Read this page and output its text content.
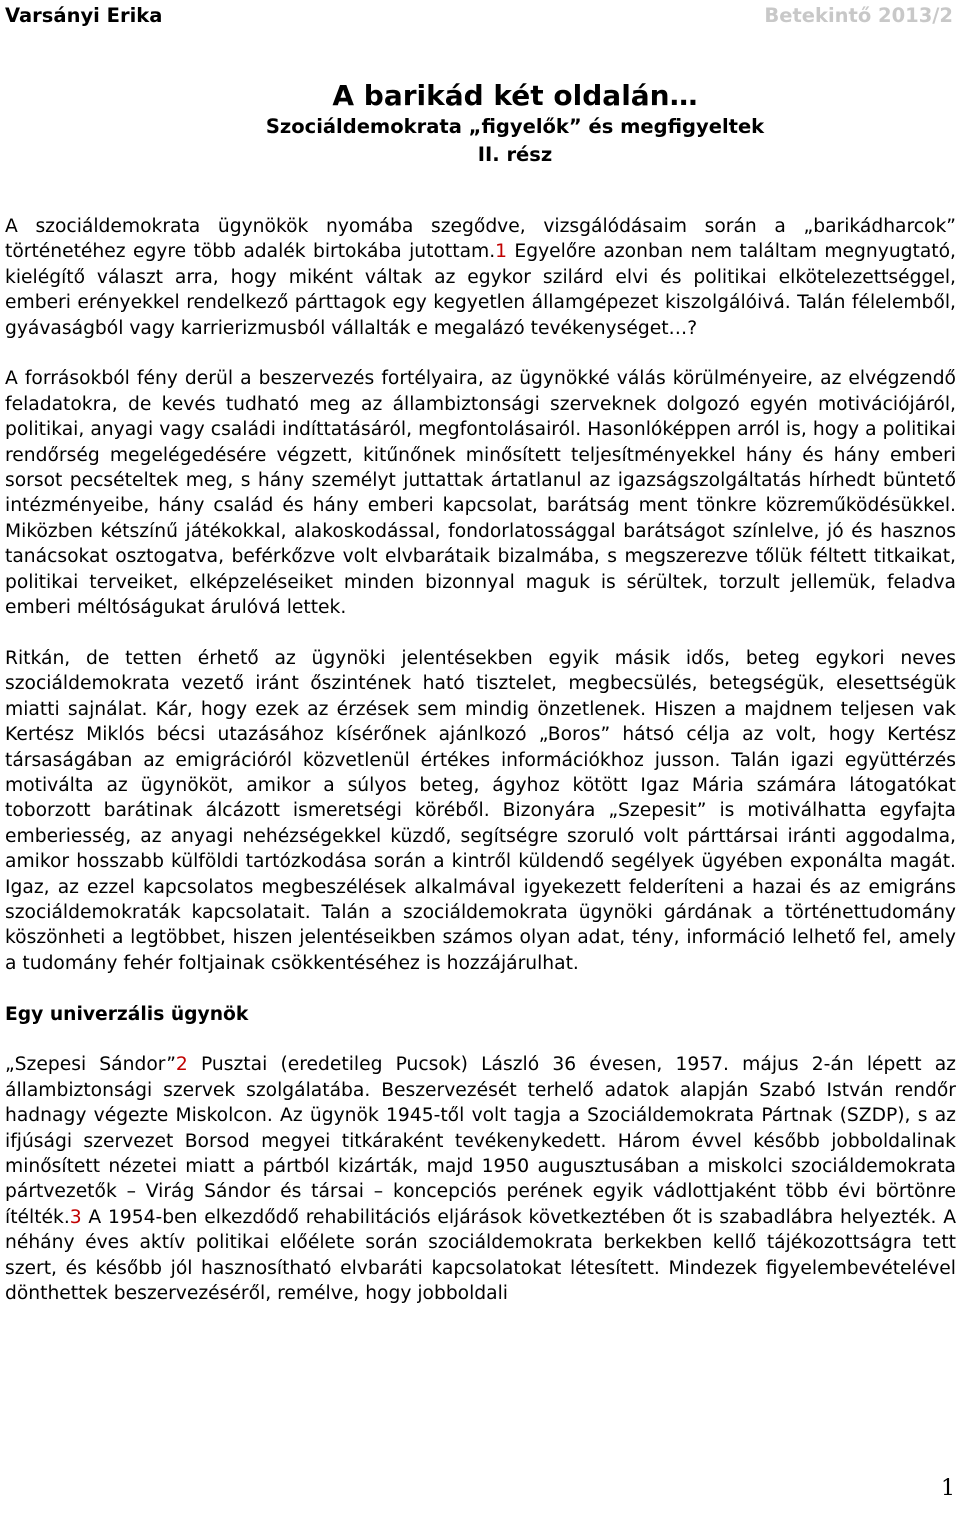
Varsányi Erika	Betekintő 2013/2
A barikád két oldalán…
Szociáldemokrata „figyelők” és megfigyeltek
II. rész

A szociáldemokrata ügynökök nyomába szegődve, vizsgálódásaim során a „barikádharcok” történetéhez egyre több adalék birtokába jutottam.1 Egyelőre azonban nem találtam megnyugtató, kielégítő választ arra, hogy miként váltak az egykor szilárd elvi és politikai elkötelezettséggel, emberi erényekkel rendelkező párttagok egy kegyetlen államgépezet kiszolgálóivá. Talán félelemből, gyávaságból vagy karrierizmusból vállalták e megalázó tevékenységet…?

A forrásokból fény derül a beszervezés fortélyaira, az ügynökké válás körülményeire, az elvégzendő feladatokra, de kevés tudható meg az állambiztonsági szerveknek dolgozó egyén motivációjáról, politikai, anyagi vagy családi indíttatásáról, megfontolásairól. Hasonlóképpen arról is, hogy a politikai rendőrség megelégedésére végzett, kitűnőnek minősített teljesítményekkel hány és hány emberi sorsot pecsételtek meg, s hány személyt juttattak ártatlanul az igazságszolgáltatás hírhedt büntető intézményeibe, hány család és hány emberi kapcsolat, barátság ment tönkre közreműködésükkel. Miközben kétszínű játékokkal, alakoskodással, fondorlatossággal barátságot színlelve, jó és hasznos tanácsokat osztogatva, beférkőzve volt elvbarátaik bizalmába, s megszerezve tőlük féltett titkaikat, politikai terveiket, elképzeléseiket minden bizonnyal maguk is sérültek, torzult jellemük, feladva emberi méltóságukat árulóvá lettek.

Ritkán, de tetten érhető az ügynöki jelentésekben egyik másik idős, beteg egykori neves szociáldemokrata vezető iránt őszintének ható tisztelet, megbecsülés, betegségük, elesettségük miatti sajnálat. Kár, hogy ezek az érzések sem mindig önzetlenek. Hiszen a majdnem teljesen vak Kertész Miklós bécsi utazásához kísérőnek ajánlkozó „Boros” hátsó célja az volt, hogy Kertész társaságában az emigrációról közvetlenül értékes információkhoz jusson. Talán igazi együttérzés motiválta az ügynököt, amikor a súlyos beteg, ágyhoz kötött Igaz Mária számára látogatókat toborzott barátinak álcázott ismeretségi köréből. Bizonyára „Szepesit” is motiválhatta egyfajta emberiesség, az anyagi nehézségekkel küzdő, segítségre szoruló volt párttársai iránti aggodalma, amikor hosszabb külföldi tartózkodása során a kintről küldendő segélyek ügyében exponálta magát. Igaz, az ezzel kapcsolatos megbeszélések alkalmával igyekezett felderíteni a hazai és az emigráns szociáldemokraták kapcsolatait. Talán a szociáldemokrata ügynöki gárdának a történettudomány köszönheti a legtöbbet, hiszen jelentéseikben számos olyan adat, tény, információ lelhető fel, amely a tudomány fehér foltjainak csökkentéséhez is hozzájárulhat.

Egy univerzális ügynök

„Szepesi Sándor”2 Pusztai (eredetileg Pucsok) László 36 évesen, 1957. május 2-án lépett az állambiztonsági szervek szolgálatába. Beszervezését terhelő adatok alapján Szabó István rendőr hadnagy végezte Miskolcon. Az ügynök 1945-től volt tagja a Szociáldemokrata Pártnak (SZDP), s az ifjúsági szervezet Borsod megyei titkáraként tevékenykedett. Három évvel később jobboldalinak minősített nézetei miatt a pártból kizárták, majd 1950 augusztusában a miskolci szociáldemokrata pártvezetők – Virág Sándor és társai – koncepciós perének egyik vádlottjaként több évi börtönre ítélték.3 A 1954-ben elkezdődő rehabilitációs eljárások következtében őt is szabadlábra helyezték. A néhány éves aktív politikai előélete során szociáldemokrata berkekben kellő tájékozottságra tett szert, és később jól hasznosítható elvbaráti kapcsolatokat létesített. Mindezek figyelembevételével dönthettek beszervezéséről, remélve, hogy jobboldali

1
